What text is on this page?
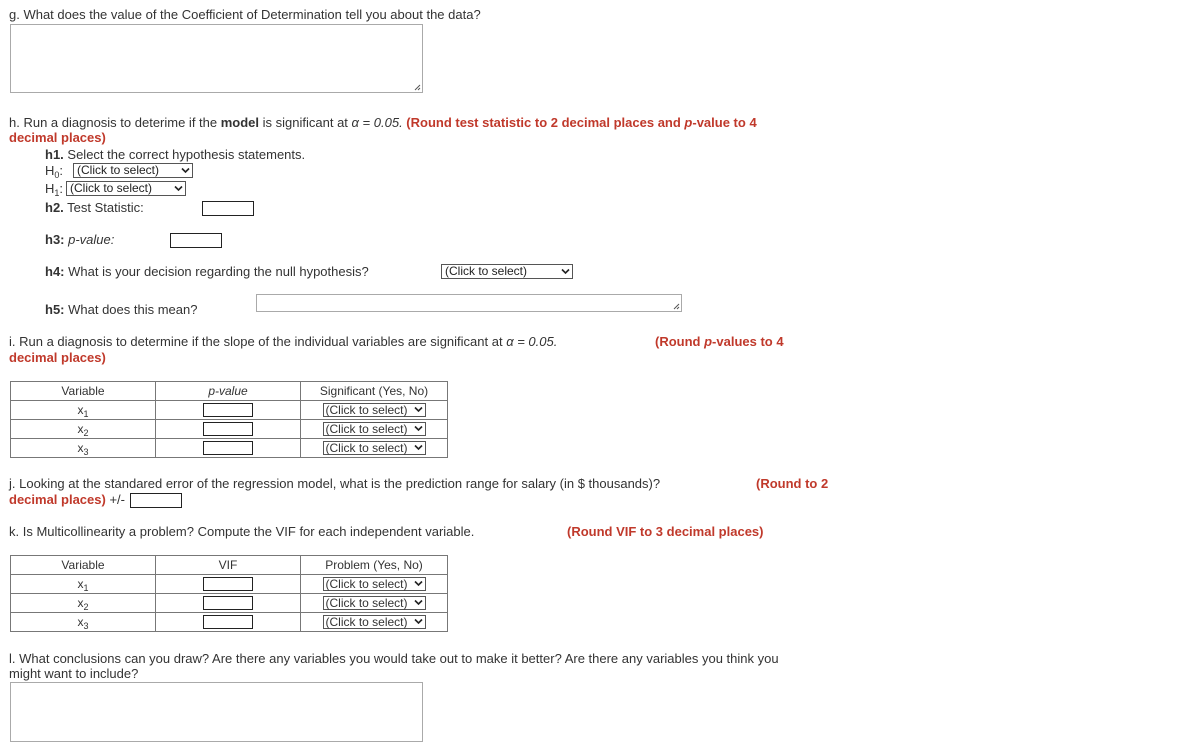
g. What does the value of the Coefficient of Determination tell you about the data?
h. Run a diagnosis to deterime if the model is significant at α = 0.05. (Round test statistic to 2 decimal places and p-value to 4
decimal places)
h1. Select the correct hypothesis statements.
$H_0$:	(Click to select)
$H_1$: (Click to select)
h2. Test Statistic:
h3: p-value:
h4: What is your decision regarding the null hypothesis?	(Click to select)
h5: What does this mean?
i. Run a diagnosis to determine if the slope of the individual variables are significant at α = 0.05.	(Round p-values to 4
decimal places)
Variable	p-value	Significant (Yes, No)
$x_1$		(Click to select)

$x_2$		(Click to select)

$x_3$		(Click to select)
j. Looking at the standared error of the regression model, what is the prediction range for salary (in $ thousands)?	(Round to 2
decimal places) +/-
k. Is Multicollinearity a problem? Compute the VIF for each independent variable.	(Round VIF to 3 decimal places)
Variable	VIF	Problem (Yes, No)
$x_1$		(Click to select)

$x_2$		(Click to select)

$x_3$		(Click to select)
l. What conclusions can you draw? Are there any variables you would take out to make it better? Are there any variables you think you
might want to include?
